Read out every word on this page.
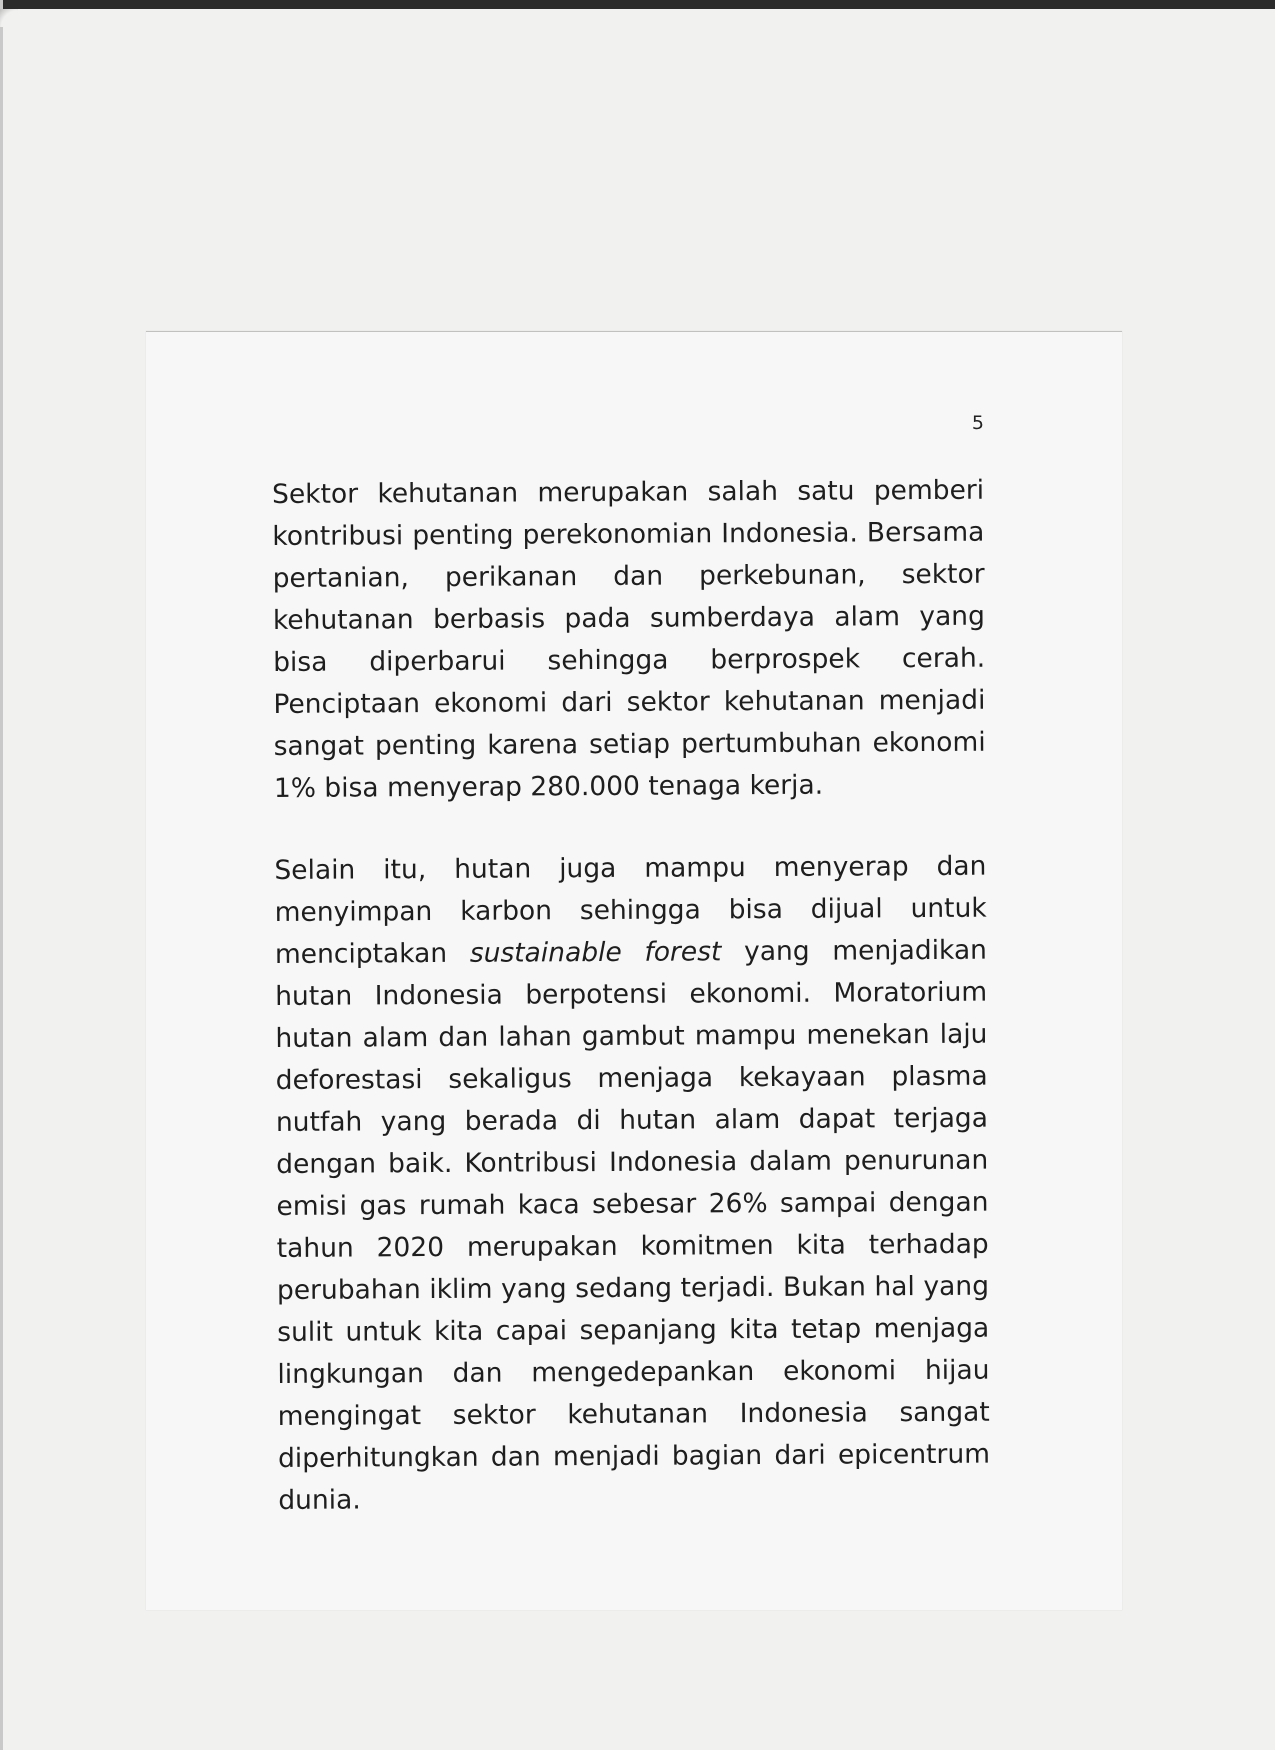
5

Sektor kehutanan merupakan salah satu pemberi kontribusi penting perekonomian Indonesia. Bersama pertanian, perikanan dan perkebunan, sektor kehutanan berbasis pada sumberdaya alam yang bisa diperbarui sehingga berprospek cerah. Penciptaan ekonomi dari sektor kehutanan menjadi sangat penting karena setiap pertumbuhan ekonomi 1% bisa menyerap 280.000 tenaga kerja.

Selain itu, hutan juga mampu menyerap dan menyimpan karbon sehingga bisa dijual untuk menciptakan sustainable forest yang menjadikan hutan Indonesia berpotensi ekonomi. Moratorium hutan alam dan lahan gambut mampu menekan laju deforestasi sekaligus menjaga kekayaan plasma nutfah yang berada di hutan alam dapat terjaga dengan baik. Kontribusi Indonesia dalam penurunan emisi gas rumah kaca sebesar 26% sampai dengan tahun 2020 merupakan komitmen kita terhadap perubahan iklim yang sedang terjadi. Bukan hal yang sulit untuk kita capai sepanjang kita tetap menjaga lingkungan dan mengedepankan ekonomi hijau mengingat sektor kehutanan Indonesia sangat diperhitungkan dan menjadi bagian dari epicentrum dunia.
